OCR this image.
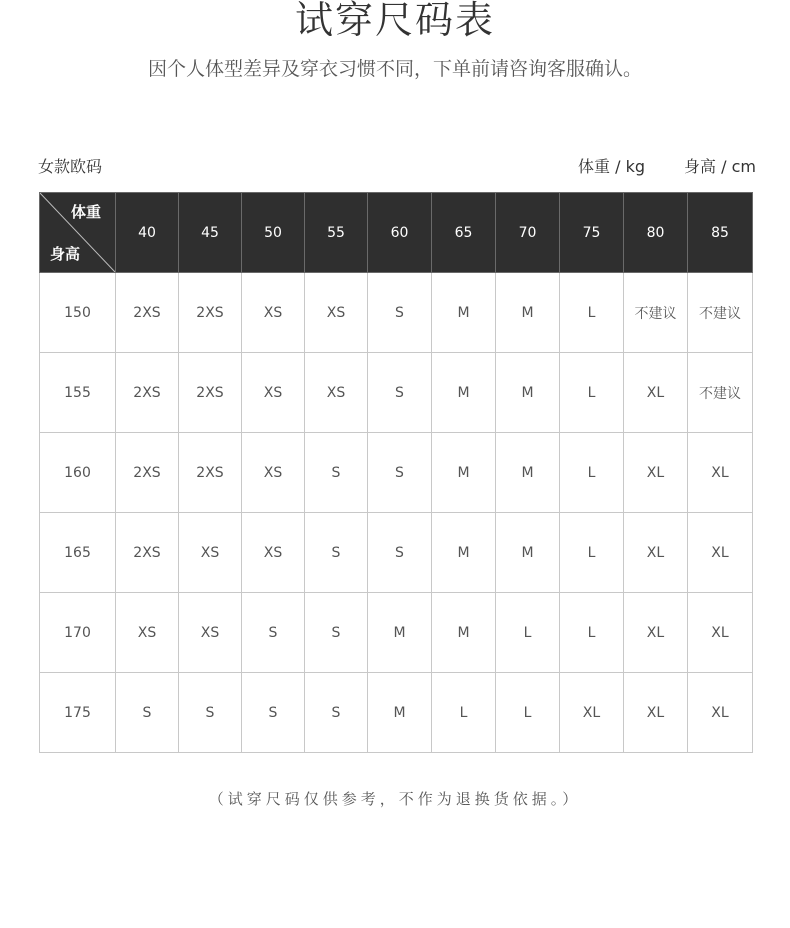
试穿尺码表
因个人体型差异及穿衣习惯不同，下单前请咨询客服确认。
女款欧码	体重 / kg 身高 / cm
体重
身高	40	45	50	55	60	65	70	75	80	85
150	2XS	2XS	XS	XS	S	M	M	L	不建议	不建议
155	2XS	2XS	XS	XS	S	M	M	L	XL	不建议
160	2XS	2XS	XS	S	S	M	M	L	XL	XL
165	2XS	XS	XS	S	S	M	M	L	XL	XL
170	XS	XS	S	S	M	M	L	L	XL	XL
175	S	S	S	S	M	L	L	XL	XL	XL
（试穿尺码仅供参考，不作为退换货依据。）
